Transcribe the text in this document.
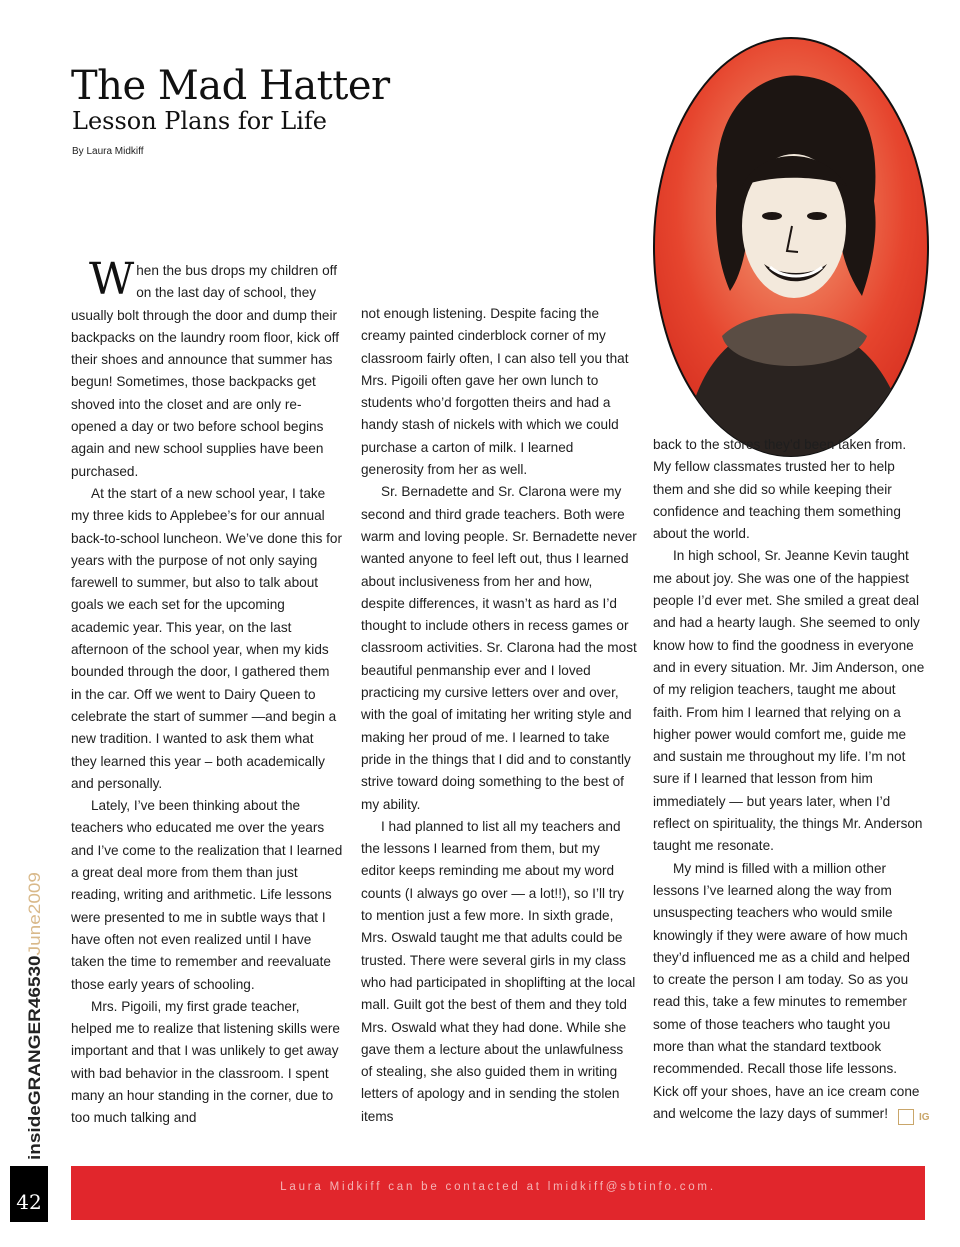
The Mad Hatter
Lesson Plans for Life
By Laura Midkiff

When the bus drops my children off on the last day of school, they usually bolt through the door and dump their backpacks on the laundry room floor, kick off their shoes and announce that summer has begun! Sometimes, those backpacks get shoved into the closet and are only re-opened a day or two before school begins again and new school supplies have been purchased.

At the start of a new school year, I take my three kids to Applebee’s for our annual back-to-school luncheon. We’ve done this for years with the purpose of not only saying farewell to summer, but also to talk about goals we each set for the upcoming academic year. This year, on the last afternoon of the school year, when my kids bounded through the door, I gathered them in the car. Off we went to Dairy Queen to celebrate the start of summer —and begin a new tradition. I wanted to ask them what they learned this year – both academically and personally.

Lately, I’ve been thinking about the teachers who educated me over the years and I’ve come to the realization that I learned a great deal more from them than just reading, writing and arithmetic. Life lessons were presented to me in subtle ways that I have often not even realized until I have taken the time to remember and reevaluate those early years of schooling.

Mrs. Pigoili, my first grade teacher, helped me to realize that listening skills were important and that I was unlikely to get away with bad behavior in the classroom. I spent many an hour standing in the corner, due to too much talking and

not enough listening. Despite facing the creamy painted cinderblock corner of my classroom fairly often, I can also tell you that Mrs. Pigoili often gave her own lunch to students who’d forgotten theirs and had a handy stash of nickels with which we could purchase a carton of milk. I learned generosity from her as well.

Sr. Bernadette and Sr. Clarona were my second and third grade teachers. Both were warm and loving people. Sr. Bernadette never wanted anyone to feel left out, thus I learned about inclusiveness from her and how, despite differences, it wasn’t as hard as I’d thought to include others in recess games or classroom activities. Sr. Clarona had the most beautiful penmanship ever and I loved practicing my cursive letters over and over, with the goal of imitating her writing style and making her proud of me. I learned to take pride in the things that I did and to constantly strive toward doing something to the best of my ability.

I had planned to list all my teachers and the lessons I learned from them, but my editor keeps reminding me about my word counts (I always go over — a lot!!), so I’ll try to mention just a few more. In sixth grade, Mrs. Oswald taught me that adults could be trusted. There were several girls in my class who had participated in shoplifting at the local mall. Guilt got the best of them and they told Mrs. Oswald what they had done. While she gave them a lecture about the unlawfulness of stealing, she also guided them in writing letters of apology and in sending the stolen items

back to the stores they’d been taken from. My fellow classmates trusted her to help them and she did so while keeping their confidence and teaching them something about the world.

In high school, Sr. Jeanne Kevin taught me about joy. She was one of the happiest people I’d ever met. She smiled a great deal and had a hearty laugh. She seemed to only know how to find the goodness in everyone and in every situation. Mr. Jim Anderson, one of my religion teachers, taught me about faith. From him I learned that relying on a higher power would comfort me, guide me and sustain me throughout my life. I’m not sure if I learned that lesson from him immediately — but years later, when I’d reflect on spirituality, the things Mr. Anderson taught me resonate.

My mind is filled with a million other lessons I’ve learned along the way from unsuspecting teachers who would smile knowingly if they were aware of how much they’d influenced me as a child and helped to create the person I am today. So as you read this, take a few minutes to remember some of those teachers who taught you more than what the standard textbook recommended. Recall those life lessons. Kick off your shoes, have an ice cream cone and welcome the lazy days of summer!	IG

insideGRANGER46530June2009
42
Laura Midkiff can be contacted at lmidkiff@sbtinfo.com.
